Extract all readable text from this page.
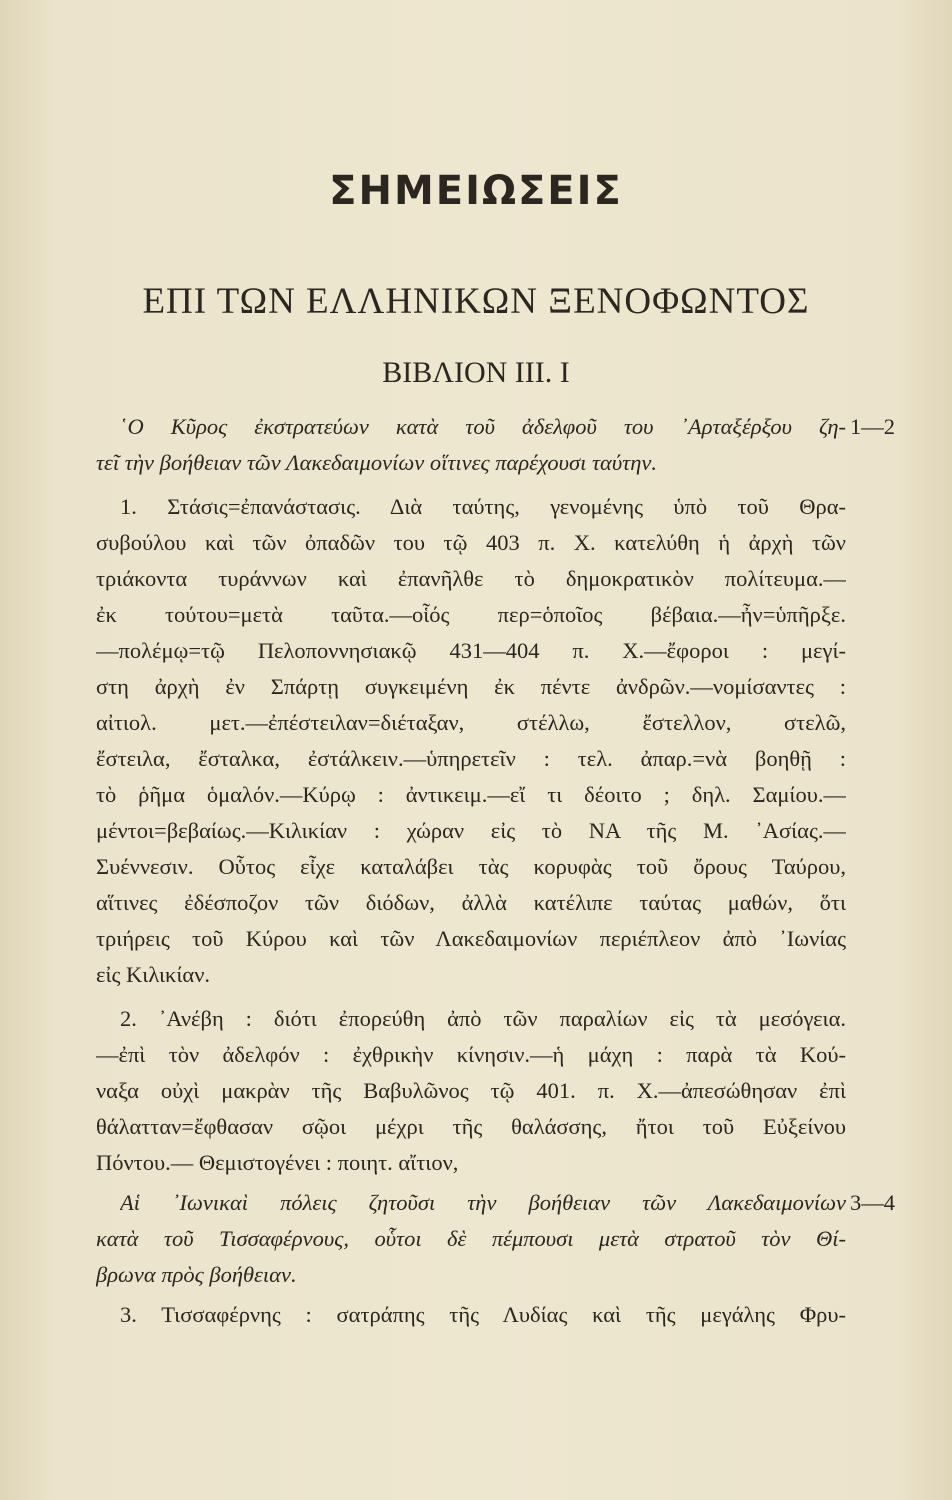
ΣΗΜΕΙΩΣΕΙΣ
ΕΠΙ ΤΩΝ ΕΛΛΗΝΙΚΩΝ ΞΕΝΟΦΩΝΤΟΣ
ΒΙΒΛΙΟΝ III. I
῾Ο Κῦρος ἐκστρατεύων κατὰ τοῦ ἀδελφοῦ του ᾿Αρταξέρξου ζη-
τεῖ τὴν βοήθειαν τῶν Λακεδαιμονίων οἵτινες παρέχουσι ταύτην.
1. Στάσις=ἐπανάστασις. Διὰ ταύτης, γενομένης ὑπὸ τοῦ Θρα-
συβούλου καὶ τῶν ὀπαδῶν του τῷ 403 π. Χ. κατελύθη ἡ ἀρχὴ τῶν
τριάκοντα τυράννων καὶ ἐπανῆλθε τὸ δημοκρατικὸν πολίτευμα.—
ἐκ τούτου=μετὰ ταῦτα.—οἷός περ=ὁποῖος βέβαια.—ἦν=ὑπῆρξε.
—πολέμῳ=τῷ Πελοποννησιακῷ 431—404 π. Χ.—ἔφοροι : μεγί-
στη ἀρχὴ ἐν Σπάρτῃ συγκειμένη ἐκ πέντε ἀνδρῶν.—νομίσαντες :
αἰτιολ. μετ.—ἐπέστειλαν=διέταξαν, στέλλω, ἔστελλον, στελῶ,
ἔστειλα, ἔσταλκα, ἐστάλκειν.—ὑπηρετεῖν : τελ. ἀπαρ.=νὰ βοηθῇ :
τὸ ῥῆμα ὁμαλόν.—Κύρῳ : ἀντικειμ.—εἴ τι δέοιτο ; δηλ. Σαμίου.—
μέντοι=βεβαίως.—Κιλικίαν : χώραν εἰς τὸ ΝΑ τῆς Μ. ᾿Ασίας.—
Συέννεσιν. Οὗτος εἶχε καταλάβει τὰς κορυφὰς τοῦ ὄρους Ταύρου,
αἵτινες ἐδέσποζον τῶν διόδων, ἀλλὰ κατέλιπε ταύτας μαθών, ὅτι
τριήρεις τοῦ Κύρου καὶ τῶν Λακεδαιμονίων περιέπλεον ἀπὸ ᾿Ιωνίας
εἰς Κιλικίαν.
2. ᾿Ανέβη : διότι ἐπορεύθη ἀπὸ τῶν παραλίων εἰς τὰ μεσόγεια.
—ἐπὶ τὸν ἀδελφόν : ἐχθρικὴν κίνησιν.—ἡ μάχη : παρὰ τὰ Κού-
ναξα οὐχὶ μακρὰν τῆς Βαβυλῶνος τῷ 401. π. Χ.—ἀπεσώθησαν ἐπὶ
θάλατταν=ἔφθασαν σῷοι μέχρι τῆς θαλάσσης, ἤτοι τοῦ Εὐξείνου
Πόντου.— Θεμιστογένει : ποιητ. αἴτιον,
Αἱ ᾿Ιωνικαὶ πόλεις ζητοῦσι τὴν βοήθειαν τῶν Λακεδαιμονίων
κατὰ τοῦ Τισσαφέρνους, οὗτοι δὲ πέμπουσι μετὰ στρατοῦ τὸν Θί-
βρωνα πρὸς βοήθειαν.
3. Τισσαφέρνης : σατράπης τῆς Λυδίας καὶ τῆς μεγάλης Φρυ-
1—2
3—4
